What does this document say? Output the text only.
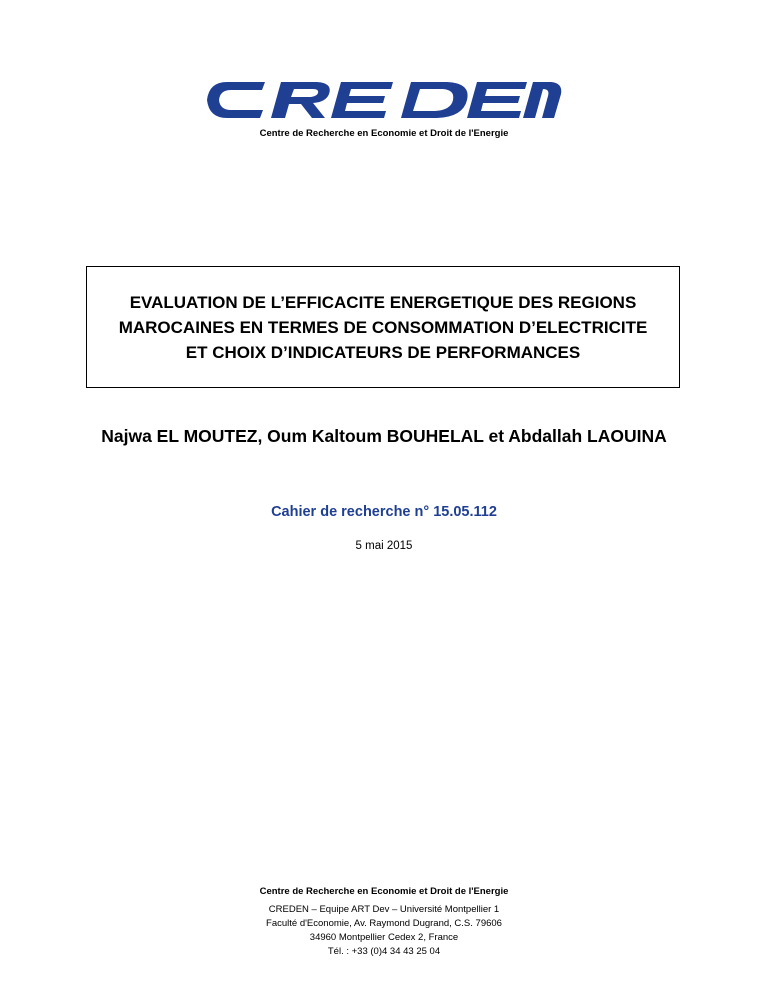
Centre de Recherche en Economie et Droit de l'Energie
EVALUATION DE L’EFFICACITE ENERGETIQUE DES REGIONS
MAROCAINES EN TERMES DE CONSOMMATION D’ELECTRICITE
ET CHOIX D’INDICATEURS DE PERFORMANCES
Najwa EL MOUTEZ, Oum Kaltoum BOUHELAL et Abdallah LAOUINA
Cahier de recherche n° 15.05.112
5 mai 2015
Centre de Recherche en Economie et Droit de l'Energie
CREDEN – Equipe ART Dev – Université Montpellier 1
Faculté d'Economie, Av. Raymond Dugrand, C.S. 79606
34960 Montpellier Cedex 2, France
Tél. : +33 (0)4 34 43 25 04
